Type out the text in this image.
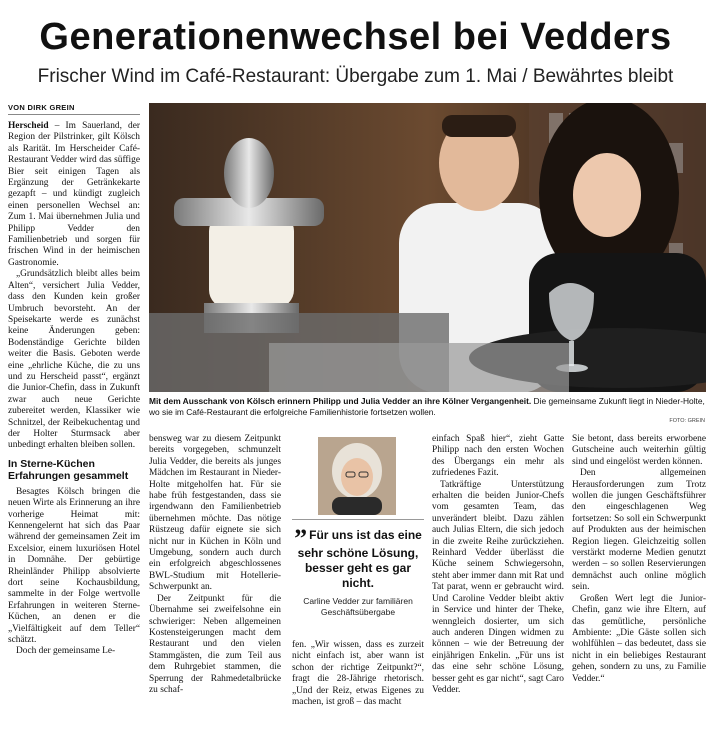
Generationenwechsel bei Vedders
Frischer Wind im Café-Restaurant: Übergabe zum 1. Mai / Bewährtes bleibt
VON DIRK GREIN

Herscheid – Im Sauerland, der Region der Pilstrinker, gilt Kölsch als Rarität. Im Herscheider Café-Restaurant Vedder wird das süffige Bier seit einigen Tagen als Ergänzung der Getränkekarte gezapft – und kündigt zugleich einen personellen Wechsel an: Zum 1. Mai übernehmen Julia und Philipp Vedder den Familienbetrieb und sorgen für frischen Wind in der heimischen Gastronomie.

„Grundsätzlich bleibt alles beim Alten“, versichert Julia Vedder, dass den Kunden kein großer Umbruch bevorsteht. An der Speisekarte werde es zunächst keine Änderungen geben: Bodenständige Gerichte bilden weiter die Basis. Geboten werde eine „ehrliche Küche, die zu uns und zu Herscheid passt“, ergänzt die Junior-Chefin, dass in Zukunft zwar auch neue Gerichte zubereitet werden, Klassiker wie Schnitzel, der Reibekuchentag und der Holter Sturmsack aber unbedingt erhalten bleiben sollen.

In Sterne-Küchen Erfahrungen gesammelt

Besagtes Kölsch bringen die neuen Wirte als Erinnerung an ihre vorherige Heimat mit: Kennengelernt hat sich das Paar während der gemeinsamen Zeit im Excelsior, einem luxuriösen Hotel in Domnähe. Der gebürtige Rheinländer Philipp absolvierte dort seine Kochausbildung, sammelte in der Folge wertvolle Erfahrungen in weiteren Sterne-Küchen, an denen er die „Vielfältigkeit auf dem Teller“ schätzt.

Doch der gemeinsame Le-

Mit dem Ausschank von Kölsch erinnern Philipp und Julia Vedder an ihre Kölner Vergangenheit. Die gemeinsame Zukunft liegt in Nieder-Holte, wo sie im Café-Restaurant die erfolgreiche Familienhistorie fortsetzen wollen.
FOTO: GREIN

bensweg war zu diesem Zeitpunkt bereits vorgegeben, schmunzelt Julia Vedder, die bereits als junges Mädchen im Restaurant in Nieder-Holte mitgeholfen hat. Für sie habe früh festgestanden, dass sie irgendwann den Familienbetrieb übernehmen möchte. Das nötige Rüstzeug dafür eignete sie sich nicht nur in Küchen in Köln und Umgebung, sondern auch durch ein erfolgreich abgeschlossenes BWL-Studium mit Hotellerie-Schwerpunkt an.

Der Zeitpunkt für die Übernahme sei zweifelsohne ein schwieriger: Neben allgemeinen Kostensteigerungen macht dem Restaurant und den vielen Stammgästen, die zum Teil aus dem Ruhrgebiet stammen, die Sperrung der Rahmedetalbrücke zu schaf-

” Für uns ist das eine sehr schöne Lösung, besser geht es gar nicht.
Carline Vedder zur familiären Geschäftsübergabe

fen. „Wir wissen, dass es zurzeit nicht einfach ist, aber wann ist schon der richtige Zeitpunkt?“, fragt die 28-Jährige rhetorisch. „Und der Reiz, etwas Eigenes zu machen, ist groß – das macht

einfach Spaß hier“, zieht Gatte Philipp nach den ersten Wochen des Übergangs ein mehr als zufriedenes Fazit.

Tatkräftige Unterstützung erhalten die beiden Junior-Chefs vom gesamten Team, das unverändert bleibt. Dazu zählen auch Julias Eltern, die sich jedoch in die zweite Reihe zurückziehen. Reinhard Vedder überlässt die Küche seinem Schwiegersohn, steht aber immer dann mit Rat und Tat parat, wenn er gebraucht wird. Und Caroline Vedder bleibt aktiv in Service und hinter der Theke, wenngleich dosierter, um sich auch anderen Dingen widmen zu können – wie der Betreuung der einjährigen Enkelin. „Für uns ist das eine sehr schöne Lösung, besser geht es gar nicht“, sagt Caro Vedder.

Sie betont, dass bereits erworbene Gutscheine auch weiterhin gültig sind und eingelöst werden können.

Den allgemeinen Herausforderungen zum Trotz wollen die jungen Geschäftsführer den eingeschlagenen Weg fortsetzen: So soll ein Schwerpunkt auf Produkten aus der heimischen Region liegen. Gleichzeitig sollen verstärkt moderne Medien genutzt werden – so sollen Reservierungen demnächst auch online möglich sein.

Großen Wert legt die Junior-Chefin, ganz wie ihre Eltern, auf das gemütliche, persönliche Ambiente: „Die Gäste sollen sich wohlfühlen – das bedeutet, dass sie nicht in ein beliebiges Restaurant gehen, sondern zu uns, zu Familie Vedder.“
